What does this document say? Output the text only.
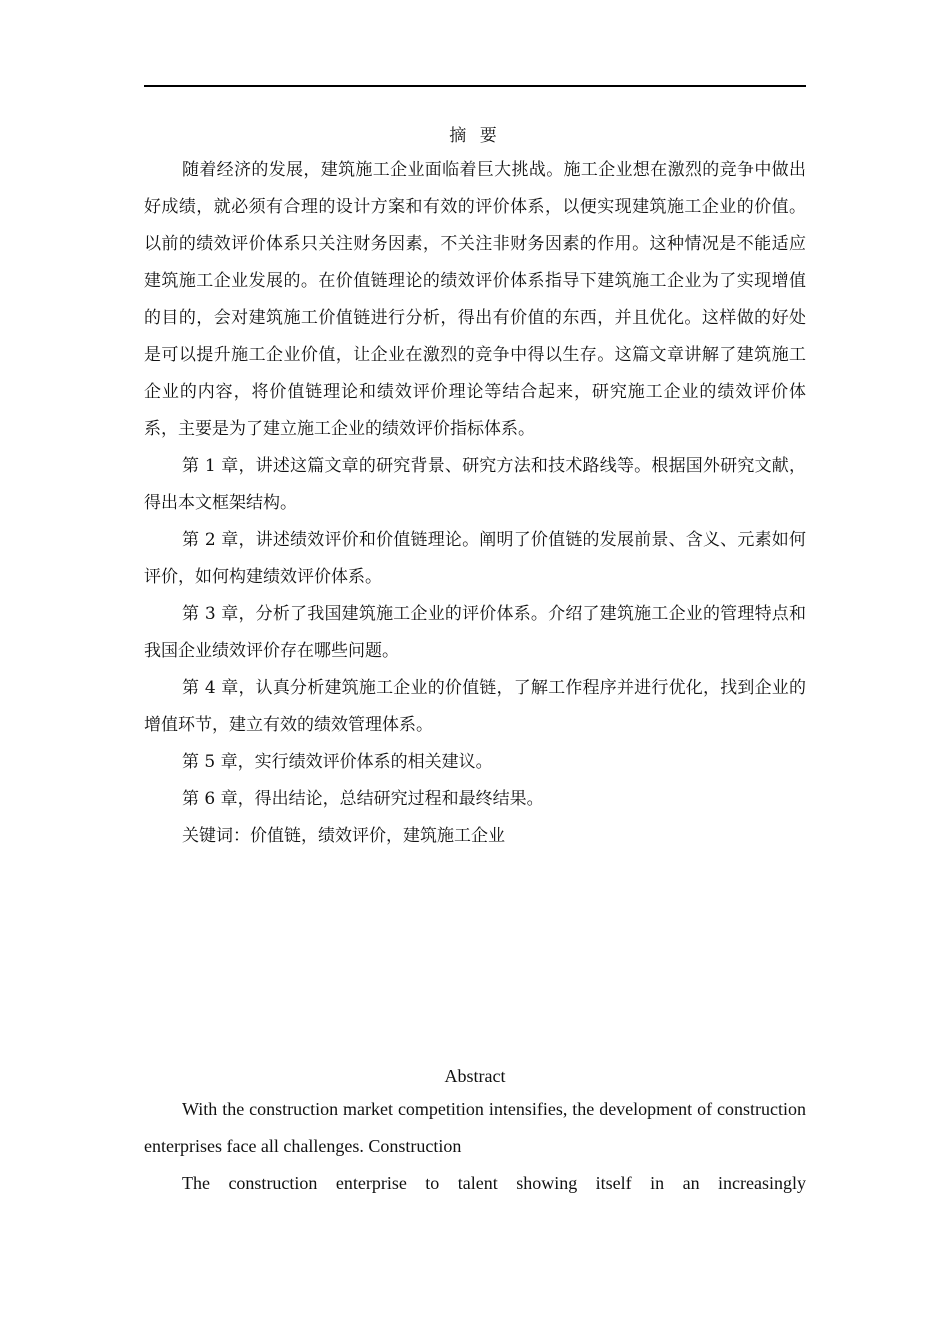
摘 要

随着经济的发展，建筑施工企业面临着巨大挑战。施工企业想在激烈的竞争中做出好成绩，就必须有合理的设计方案和有效的评价体系，以便实现建筑施工企业的价值。以前的绩效评价体系只关注财务因素，不关注非财务因素的作用。这种情况是不能适应建筑施工企业发展的。在价值链理论的绩效评价体系指导下建筑施工企业为了实现增值的目的，会对建筑施工价值链进行分析，得出有价值的东西，并且优化。这样做的好处是可以提升施工企业价值，让企业在激烈的竞争中得以生存。这篇文章讲解了建筑施工企业的内容，将价值链理论和绩效评价理论等结合起来，研究施工企业的绩效评价体系，主要是为了建立施工企业的绩效评价指标体系。

第 1 章，讲述这篇文章的研究背景、研究方法和技术路线等。根据国外研究文献，得出本文框架结构。

第 2 章，讲述绩效评价和价值链理论。阐明了价值链的发展前景、含义、元素如何评价，如何构建绩效评价体系。

第 3 章，分析了我国建筑施工企业的评价体系。介绍了建筑施工企业的管理特点和我国企业绩效评价存在哪些问题。

第 4 章，认真分析建筑施工企业的价值链，了解工作程序并进行优化，找到企业的增值环节，建立有效的绩效管理体系。

第 5 章，实行绩效评价体系的相关建议。

第 6 章，得出结论，总结研究过程和最终结果。

关键词：价值链，绩效评价，建筑施工企业

Abstract

With the construction market competition intensifies, the development of construction enterprises face all challenges. Construction

The construction enterprise to talent showing itself in an increasingly
